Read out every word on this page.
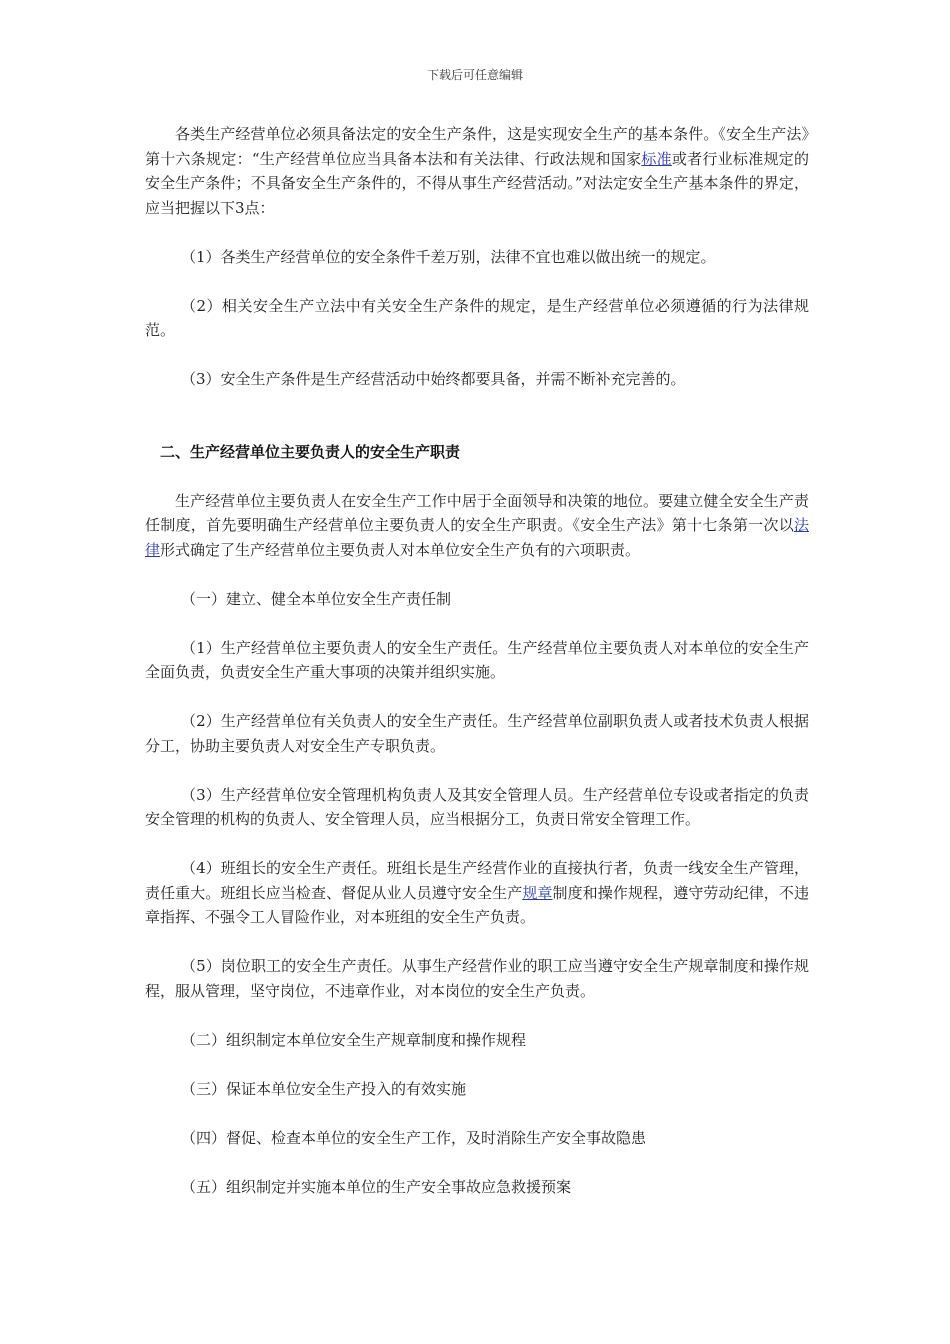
下载后可任意编辑

各类生产经营单位必须具备法定的安全生产条件，这是实现安全生产的基本条件。《安全生产法》第十六条规定：“生产经营单位应当具备本法和有关法律、行政法规和国家标准或者行业标准规定的安全生产条件；不具备安全生产条件的，不得从事生产经营活动。”对法定安全生产基本条件的界定，应当把握以下3点：

（1）各类生产经营单位的安全条件千差万别，法律不宜也难以做出统一的规定。

（2）相关安全生产立法中有关安全生产条件的规定，是生产经营单位必须遵循的行为法律规范。

（3）安全生产条件是生产经营活动中始终都要具备，并需不断补充完善的。

二、生产经营单位主要负责人的安全生产职责

生产经营单位主要负责人在安全生产工作中居于全面领导和决策的地位。要建立健全安全生产责任制度，首先要明确生产经营单位主要负责人的安全生产职责。《安全生产法》第十七条第一次以法律形式确定了生产经营单位主要负责人对本单位安全生产负有的六项职责。

（一）建立、健全本单位安全生产责任制

（1）生产经营单位主要负责人的安全生产责任。生产经营单位主要负责人对本单位的安全生产全面负责，负责安全生产重大事项的决策并组织实施。

（2）生产经营单位有关负责人的安全生产责任。生产经营单位副职负责人或者技术负责人根据分工，协助主要负责人对安全生产专职负责。

（3）生产经营单位安全管理机构负责人及其安全管理人员。生产经营单位专设或者指定的负责安全管理的机构的负责人、安全管理人员，应当根据分工，负责日常安全管理工作。

（4）班组长的安全生产责任。班组长是生产经营作业的直接执行者，负责一线安全生产管理，责任重大。班组长应当检查、督促从业人员遵守安全生产规章制度和操作规程，遵守劳动纪律，不违章指挥、不强令工人冒险作业，对本班组的安全生产负责。

（5）岗位职工的安全生产责任。从事生产经营作业的职工应当遵守安全生产规章制度和操作规程，服从管理，坚守岗位，不违章作业，对本岗位的安全生产负责。

（二）组织制定本单位安全生产规章制度和操作规程

（三）保证本单位安全生产投入的有效实施

（四）督促、检查本单位的安全生产工作，及时消除生产安全事故隐患

（五）组织制定并实施本单位的生产安全事故应急救援预案
